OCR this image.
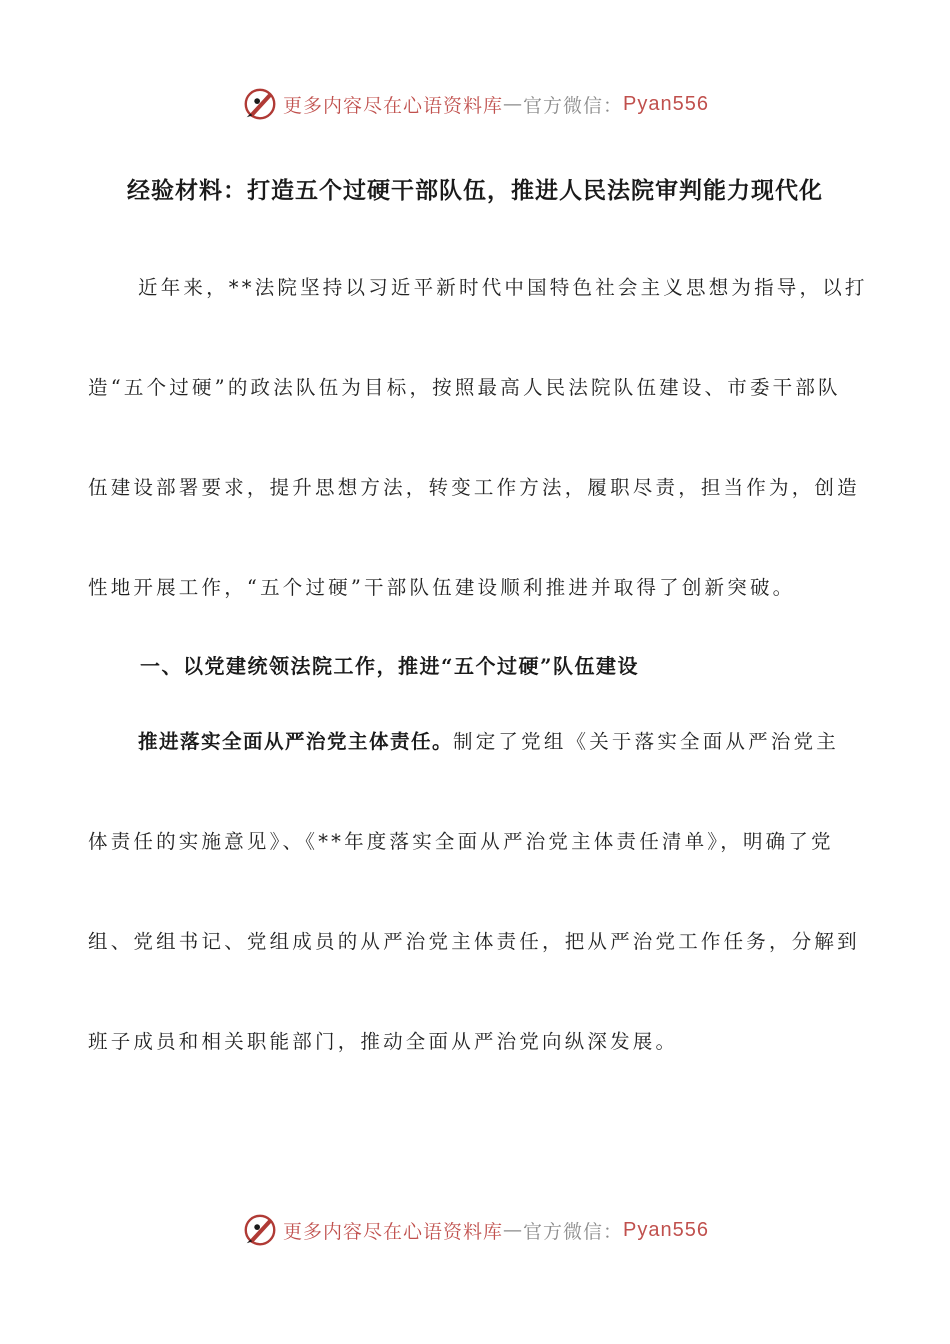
更多内容尽在心语资料库 — 官方微信： Pyan556
经验材料：打造五个过硬干部队伍，推进人民法院审判能力现代化
近年来，**法院坚持以习近平新时代中国特色社会主义思想为指导，以打
造“五个过硬”的政法队伍为目标，按照最高人民法院队伍建设、市委干部队
伍建设部署要求，提升思想方法，转变工作方法，履职尽责，担当作为，创造
性地开展工作，“五个过硬”干部队伍建设顺利推进并取得了创新突破。
一、以党建统领法院工作，推进“五个过硬”队伍建设
推进落实全面从严治党主体责任。制定了党组《关于落实全面从严治党主
体责任的实施意见》、《**年度落实全面从严治党主体责任清单》，明确了党
组、党组书记、党组成员的从严治党主体责任，把从严治党工作任务，分解到
班子成员和相关职能部门，推动全面从严治党向纵深发展。
更多内容尽在心语资料库 — 官方微信： Pyan556
